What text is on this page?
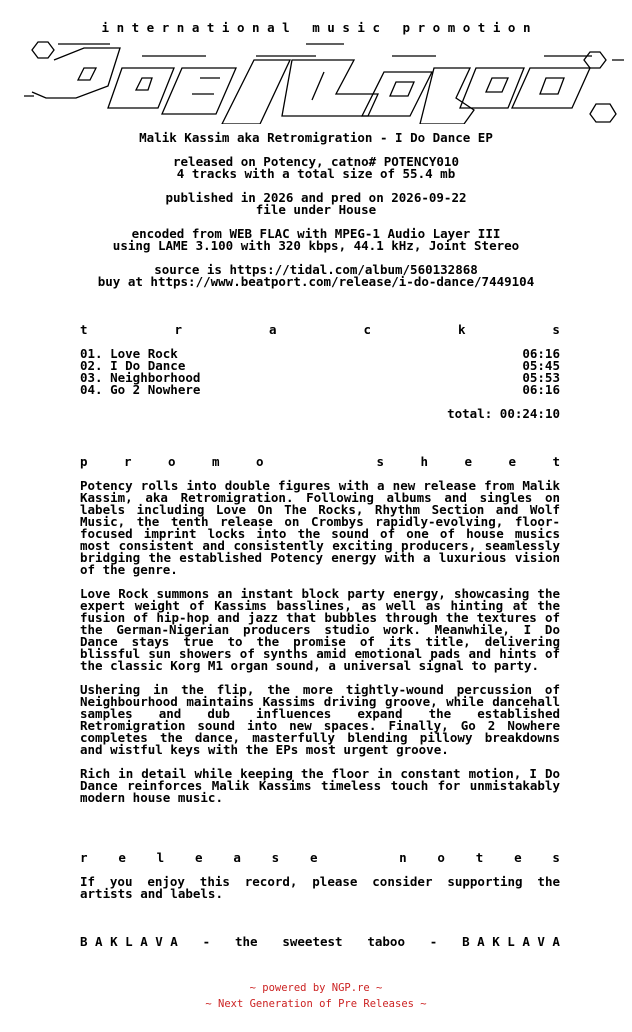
i n t e r n a t i o n a l   m u s i c   p r o m o t i o n
Malik Kassim aka Retromigration - I Do Dance EP
released on Potency, catno# POTENCY010
4 tracks with a total size of 55.4 mb
published in 2026 and pred on 2026-09-22
file under House
encoded from WEB FLAC with MPEG-1 Audio Layer III
using LAME 3.100 with 320 kbps, 44.1 kHz, Joint Stereo
source is https://tidal.com/album/560132868
buy at https://www.beatport.com/release/i-do-dance/7449104
t	r	a	c	k	s
01. Love Rock	06:16
02. I Do Dance	05:45
03. Neighborhood	05:53
04. Go 2 Nowhere	06:16
total: 00:24:10
p	r	o	m	o	s	h	e	e	t

Potency rolls into double figures with a new release from Malik Kassim, aka Retromigration. Following albums and singles on labels including Love On The Rocks, Rhythm Section and Wolf Music, the tenth release on Crombys rapidly-evolving, floor-focused imprint locks into the sound of one of house musics most consistent and consistently exciting producers, seamlessly bridging the established Potency energy with a luxurious vision of the genre.

Love Rock summons an instant block party energy, showcasing the expert weight of Kassims basslines, as well as hinting at the fusion of hip-hop and jazz that bubbles through the textures of the German-Nigerian producers studio work. Meanwhile, I Do Dance stays true to the promise of its title, delivering blissful sun showers of synths amid emotional pads and hints of the classic Korg M1 organ sound, a universal signal to party.

Ushering in the flip, the more tightly-wound percussion of Neighbourhood maintains Kassims driving groove, while dancehall samples and dub influences expand the established Retromigration sound into new spaces. Finally, Go 2 Nowhere completes the dance, masterfully blending pillowy breakdowns and wistful keys with the EPs most urgent groove.

Rich in detail while keeping the floor in constant motion, I Do Dance reinforces Malik Kassims timeless touch for unmistakably modern house music.

r e l e a s e	n o t e s

If you enjoy this record, please consider supporting the artists and labels.

B A K L A V A - the sweetest taboo - B A K L A V A
~ powered by NGP.re ~
~ Next Generation of Pre Releases ~
